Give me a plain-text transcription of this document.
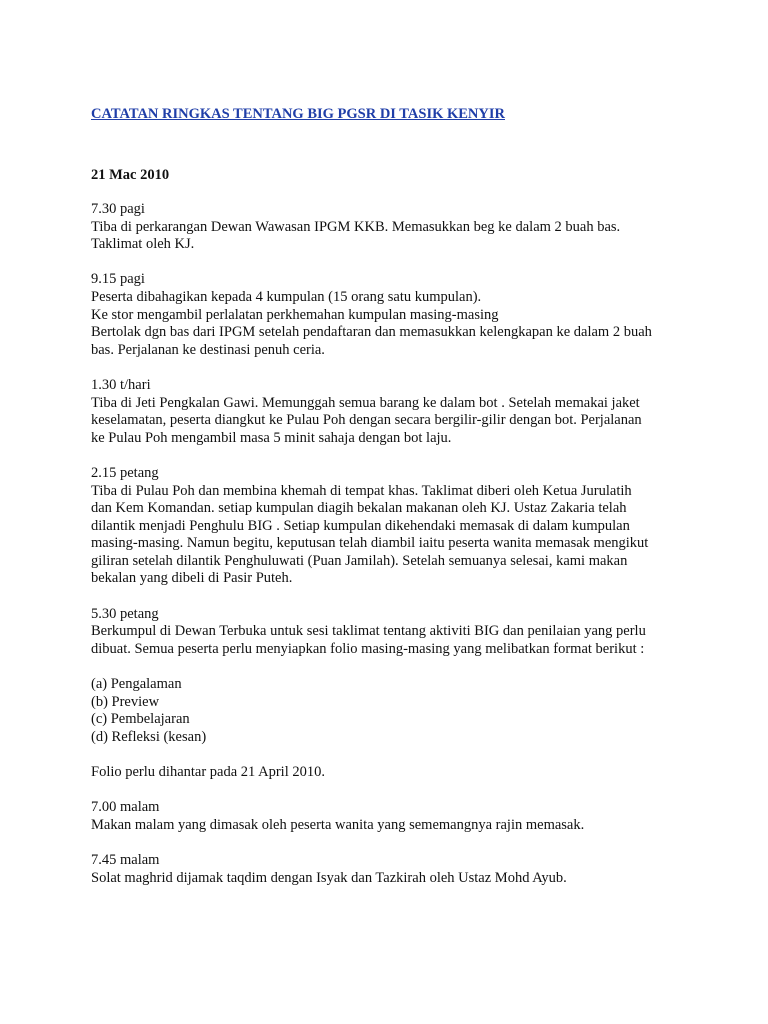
CATATAN RINGKAS TENTANG BIG PGSR DI TASIK KENYIR
21 Mac 2010
7.30 pagi
Tiba di perkarangan Dewan Wawasan IPGM KKB. Memasukkan beg ke dalam 2 buah bas.
Taklimat oleh KJ.
9.15 pagi
Peserta dibahagikan kepada 4 kumpulan (15 orang satu kumpulan).
Ke stor mengambil perlalatan perkhemahan kumpulan masing-masing
Bertolak dgn bas dari IPGM setelah pendaftaran dan memasukkan kelengkapan ke dalam 2 buah
bas. Perjalanan ke destinasi penuh ceria.
1.30 t/hari
Tiba di Jeti Pengkalan Gawi. Memunggah semua barang ke dalam bot . Setelah memakai jaket
keselamatan, peserta diangkut ke Pulau Poh dengan secara bergilir-gilir dengan bot. Perjalanan
ke Pulau Poh mengambil masa 5 minit sahaja dengan bot laju.
2.15 petang
Tiba di Pulau Poh dan membina khemah di tempat khas. Taklimat diberi oleh Ketua Jurulatih
dan Kem Komandan. setiap kumpulan diagih bekalan makanan oleh KJ. Ustaz Zakaria telah
dilantik menjadi Penghulu BIG . Setiap kumpulan dikehendaki memasak di dalam kumpulan
masing-masing. Namun begitu, keputusan telah diambil iaitu peserta wanita memasak mengikut
giliran setelah dilantik Penghuluwati (Puan Jamilah). Setelah semuanya selesai, kami makan
bekalan yang dibeli di Pasir Puteh.
5.30 petang
Berkumpul di Dewan Terbuka untuk sesi taklimat tentang aktiviti BIG dan penilaian yang perlu
dibuat. Semua peserta perlu menyiapkan folio masing-masing yang melibatkan format berikut :
(a) Pengalaman
(b) Preview
(c) Pembelajaran
(d) Refleksi (kesan)
Folio perlu dihantar pada 21 April 2010.
7.00 malam
Makan malam yang dimasak oleh peserta wanita yang sememangnya rajin memasak.
7.45 malam
Solat maghrid dijamak taqdim dengan Isyak dan Tazkirah oleh Ustaz Mohd Ayub.
